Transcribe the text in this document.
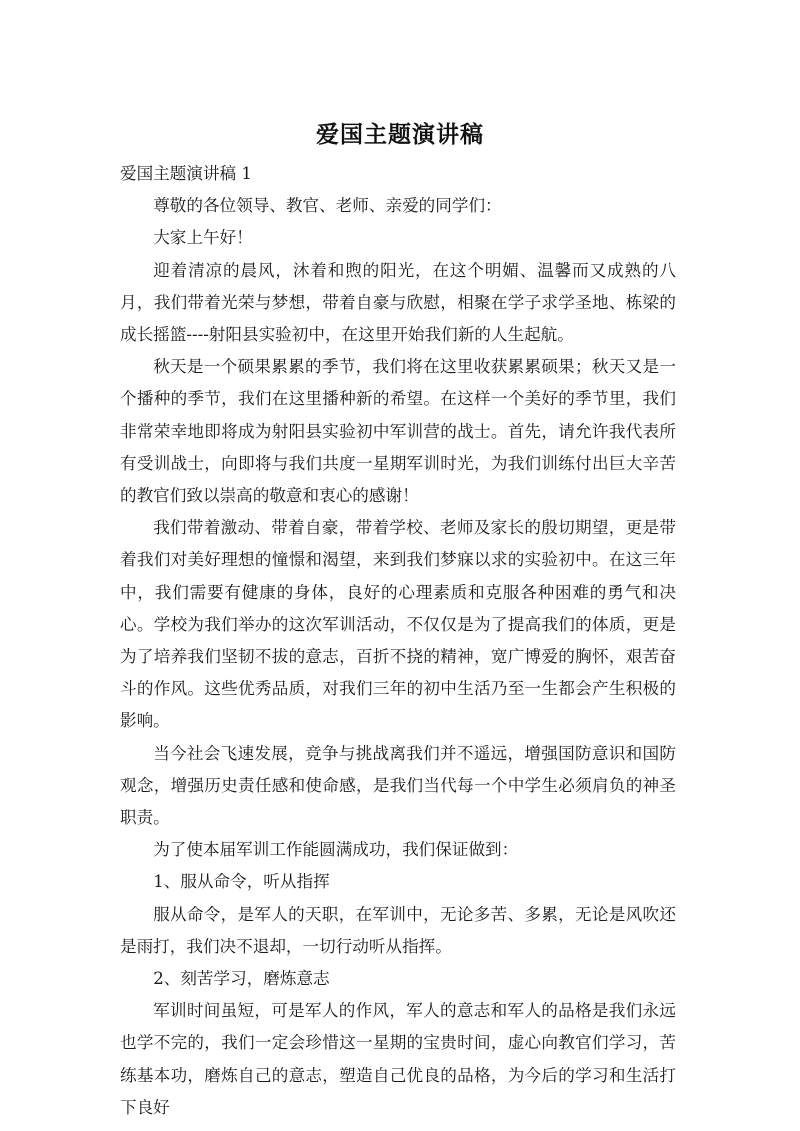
爱国主题演讲稿

爱国主题演讲稿 1

尊敬的各位领导、教官、老师、亲爱的同学们：

大家上午好！

迎着清凉的晨风，沐着和煦的阳光，在这个明媚、温馨而又成熟的八月，我们带着光荣与梦想，带着自豪与欣慰，相聚在学子求学圣地、栋梁的成长摇篮----射阳县实验初中，在这里开始我们新的人生起航。

秋天是一个硕果累累的季节，我们将在这里收获累累硕果；秋天又是一个播种的季节，我们在这里播种新的希望。在这样一个美好的季节里，我们非常荣幸地即将成为射阳县实验初中军训营的战士。首先，请允许我代表所有受训战士，向即将与我们共度一星期军训时光，为我们训练付出巨大辛苦的教官们致以崇高的敬意和衷心的感谢！

我们带着激动、带着自豪，带着学校、老师及家长的殷切期望，更是带着我们对美好理想的憧憬和渴望，来到我们梦寐以求的实验初中。在这三年中，我们需要有健康的身体，良好的心理素质和克服各种困难的勇气和决心。学校为我们举办的这次军训活动，不仅仅是为了提高我们的体质，更是为了培养我们坚韧不拔的意志，百折不挠的精神，宽广博爱的胸怀，艰苦奋斗的作风。这些优秀品质，对我们三年的初中生活乃至一生都会产生积极的影响。

当今社会飞速发展，竞争与挑战离我们并不遥远，增强国防意识和国防观念，增强历史责任感和使命感，是我们当代每一个中学生必须肩负的神圣职责。

为了使本届军训工作能圆满成功，我们保证做到：

1、服从命令，听从指挥

服从命令，是军人的天职，在军训中，无论多苦、多累，无论是风吹还是雨打，我们决不退却，一切行动听从指挥。

2、刻苦学习，磨炼意志

军训时间虽短，可是军人的作风，军人的意志和军人的品格是我们永远也学不完的，我们一定会珍惜这一星期的宝贵时间，虚心向教官们学习，苦练基本功，磨炼自己的意志，塑造自己优良的品格，为今后的学习和生活打下良好
